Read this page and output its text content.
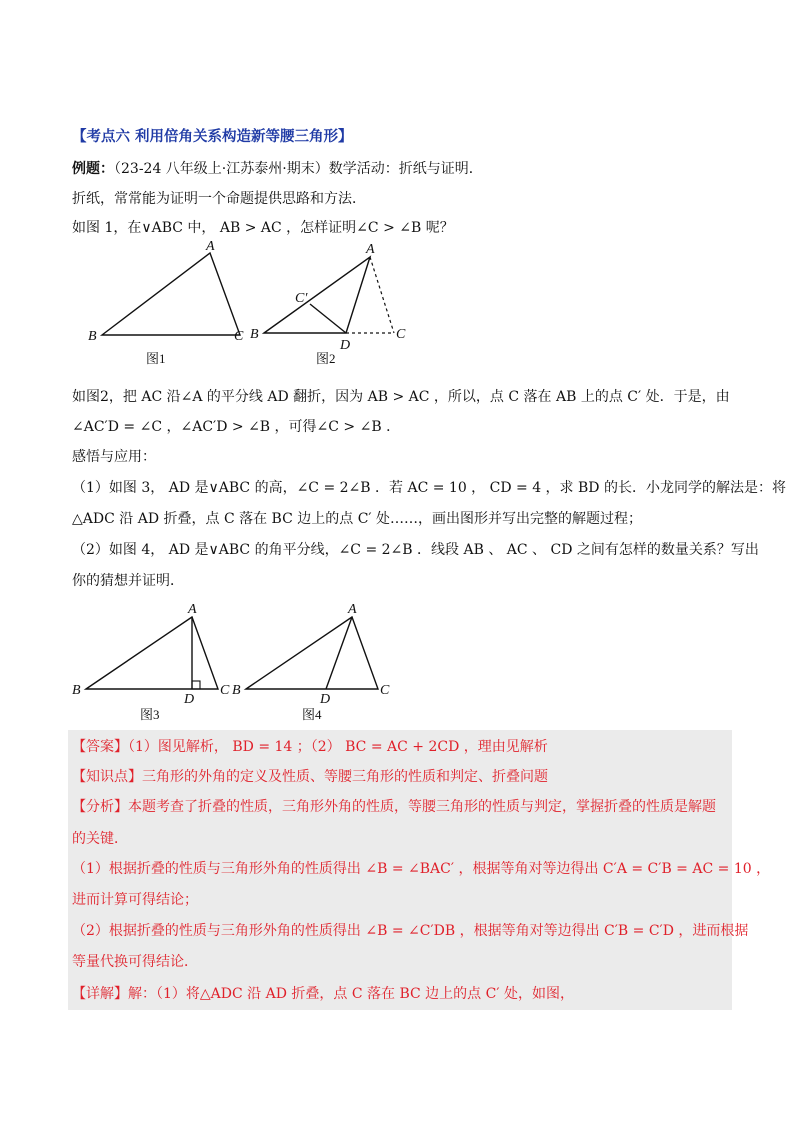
【考点六 利用倍角关系构造新等腰三角形】
例题：（23-24 八年级上·江苏泰州·期末）数学活动：折纸与证明．
折纸，常常能为证明一个命题提供思路和方法．
如图 1，在∨ABC 中， AB > AC ，怎样证明∠C > ∠B 呢？
A
B	C
图1
A
B	C
C′
D
图2
如图2，把 AC 沿∠A 的平分线 AD 翻折，因为 AB > AC ，所以，点 C 落在 AB 上的点 C′ 处．于是，由
∠AC′D = ∠C ，∠AC′D > ∠B ，可得∠C > ∠B ．
感悟与应用：
（1）如图 3， AD 是∨ABC 的高，∠C = 2∠B ．若 AC = 10 ， CD = 4 ，求 BD 的长．小龙同学的解法是：将
△ADC 沿 AD 折叠，点 C 落在 BC 边上的点 C′ 处……，画出图形并写出完整的解题过程；
（2）如图 4， AD 是∨ABC 的角平分线，∠C = 2∠B ．线段 AB 、 AC 、 CD 之间有怎样的数量关系？写出
你的猜想并证明．
A
B	C
D
图3
A
B	C
D
图4
【答案】（1）图见解析， BD = 14 ；（2） BC = AC + 2CD ，理由见解析
【知识点】三角形的外角的定义及性质、等腰三角形的性质和判定、折叠问题
【分析】本题考查了折叠的性质，三角形外角的性质，等腰三角形的性质与判定，掌握折叠的性质是解题
的关键．
（1）根据折叠的性质与三角形外角的性质得出 ∠B = ∠BAC′ ，根据等角对等边得出 C′A = C′B = AC = 10 ，
进而计算可得结论；
（2）根据折叠的性质与三角形外角的性质得出 ∠B = ∠C′DB ，根据等角对等边得出 C′B = C′D ，进而根据
等量代换可得结论．
【详解】解：（1）将△ADC 沿 AD 折叠，点 C 落在 BC 边上的点 C′ 处，如图，
